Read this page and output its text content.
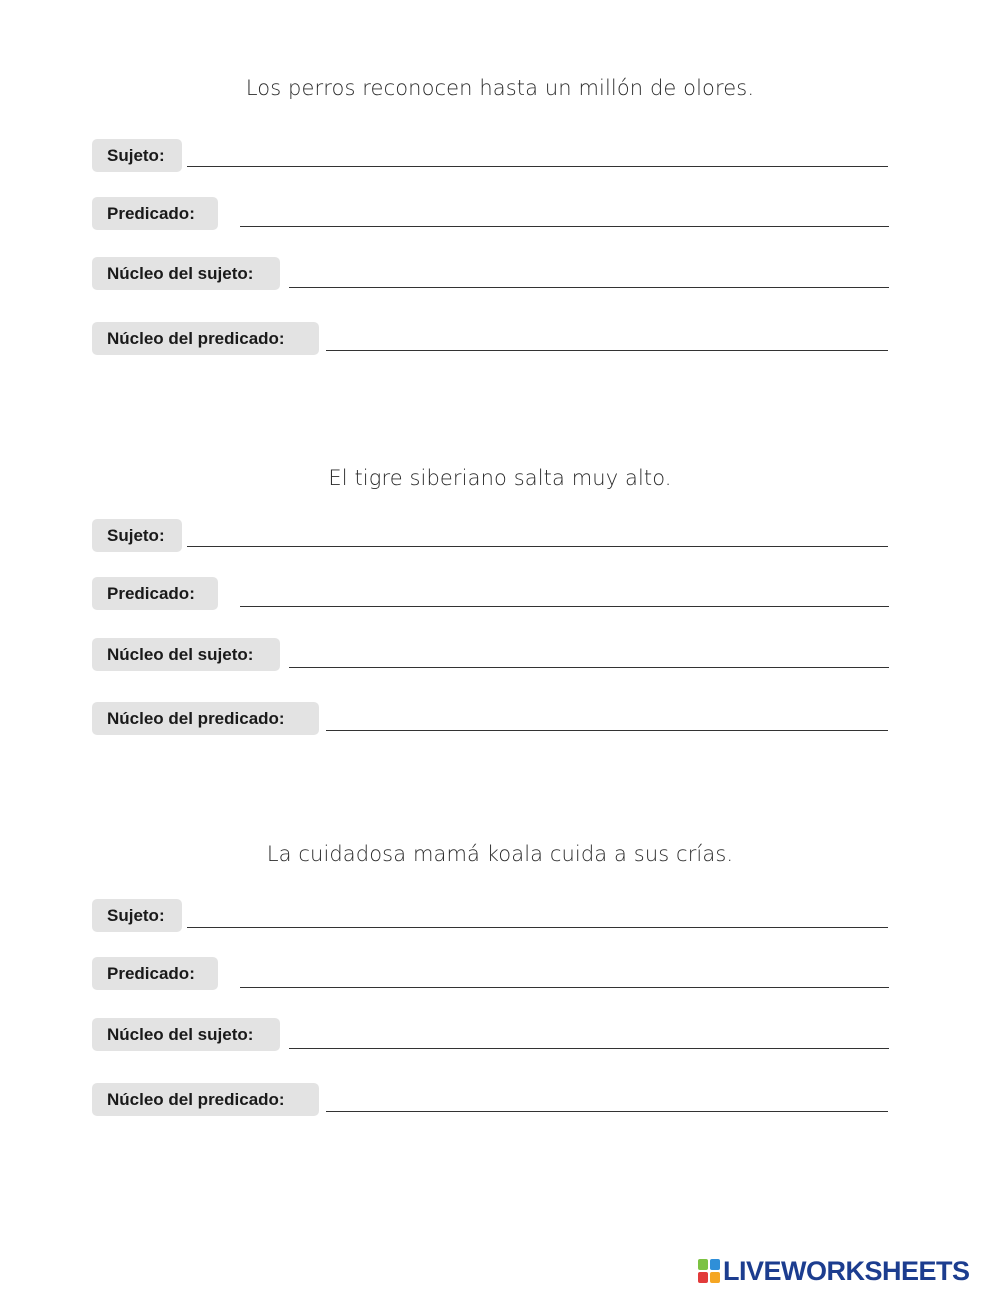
Los perros reconocen hasta un millón de olores.
Sujeto:
Predicado:
Núcleo del sujeto:
Núcleo del predicado:
El tigre siberiano salta muy alto.
Sujeto:
Predicado:
Núcleo del sujeto:
Núcleo del predicado:
La cuidadosa mamá koala cuida a sus crías.
Sujeto:
Predicado:
Núcleo del sujeto:
Núcleo del predicado:
LIVEWORKSHEETS
